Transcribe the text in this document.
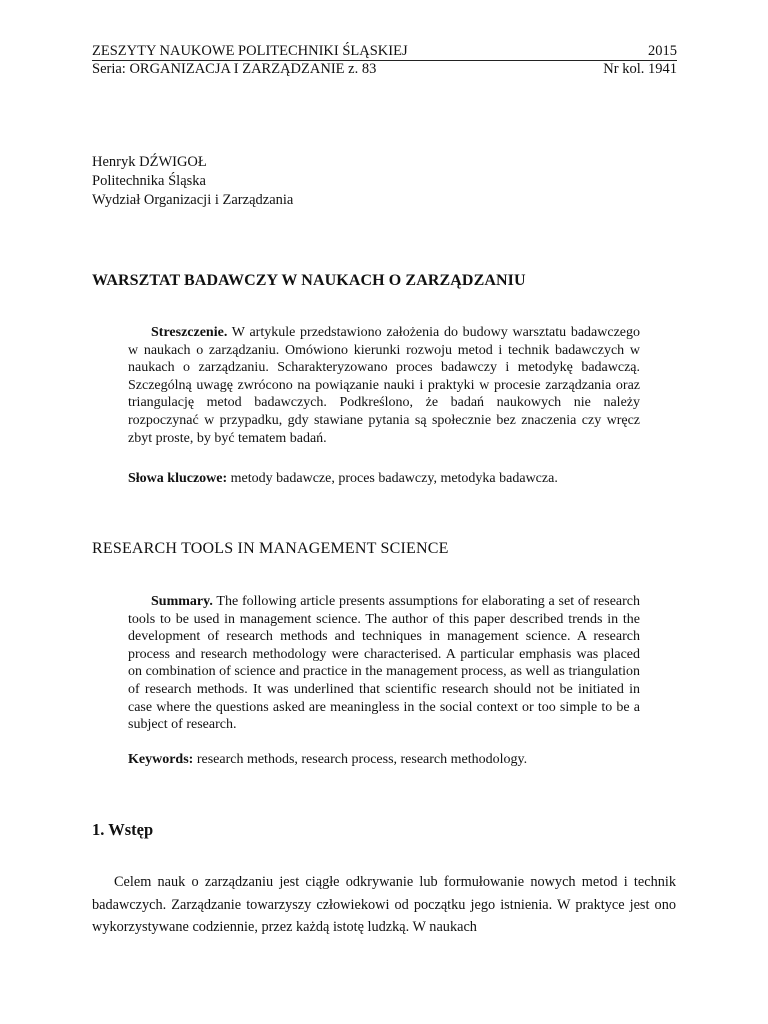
ZESZYTY NAUKOWE POLITECHNIKI ŚLĄSKIEJ	2015
Seria: ORGANIZACJA I ZARZĄDZANIE z. 83	Nr kol. 1941
Henryk DŹWIGOŁ
Politechnika Śląska
Wydział Organizacji i Zarządzania
WARSZTAT BADAWCZY W NAUKACH O ZARZĄDZANIU

Streszczenie. W artykule przedstawiono założenia do budowy warsztatu badawczego w naukach o zarządzaniu. Omówiono kierunki rozwoju metod i technik badawczych w naukach o zarządzaniu. Scharakteryzowano proces badawczy i metodykę badawczą. Szczególną uwagę zwrócono na powiązanie nauki i praktyki w procesie zarządzania oraz triangulację metod badawczych. Podkreślono, że badań naukowych nie należy rozpoczynać w przypadku, gdy stawiane pytania są społecznie bez znaczenia czy wręcz zbyt proste, by być tematem badań.

Słowa kluczowe: metody badawcze, proces badawczy, metodyka badawcza.
RESEARCH TOOLS IN MANAGEMENT SCIENCE

Summary. The following article presents assumptions for elaborating a set of research tools to be used in management science. The author of this paper described trends in the development of research methods and techniques in management science. A research process and research methodology were characterised. A particular emphasis was placed on combination of science and practice in the management process, as well as triangulation of research methods. It was underlined that scientific research should not be initiated in case where the questions asked are meaningless in the social context or too simple to be a subject of research.

Keywords: research methods, research process, research methodology.
1. Wstęp

Celem nauk o zarządzaniu jest ciągłe odkrywanie lub formułowanie nowych metod i technik badawczych. Zarządzanie towarzyszy człowiekowi od początku jego istnienia. W praktyce jest ono wykorzystywane codziennie, przez każdą istotę ludzką. W naukach
